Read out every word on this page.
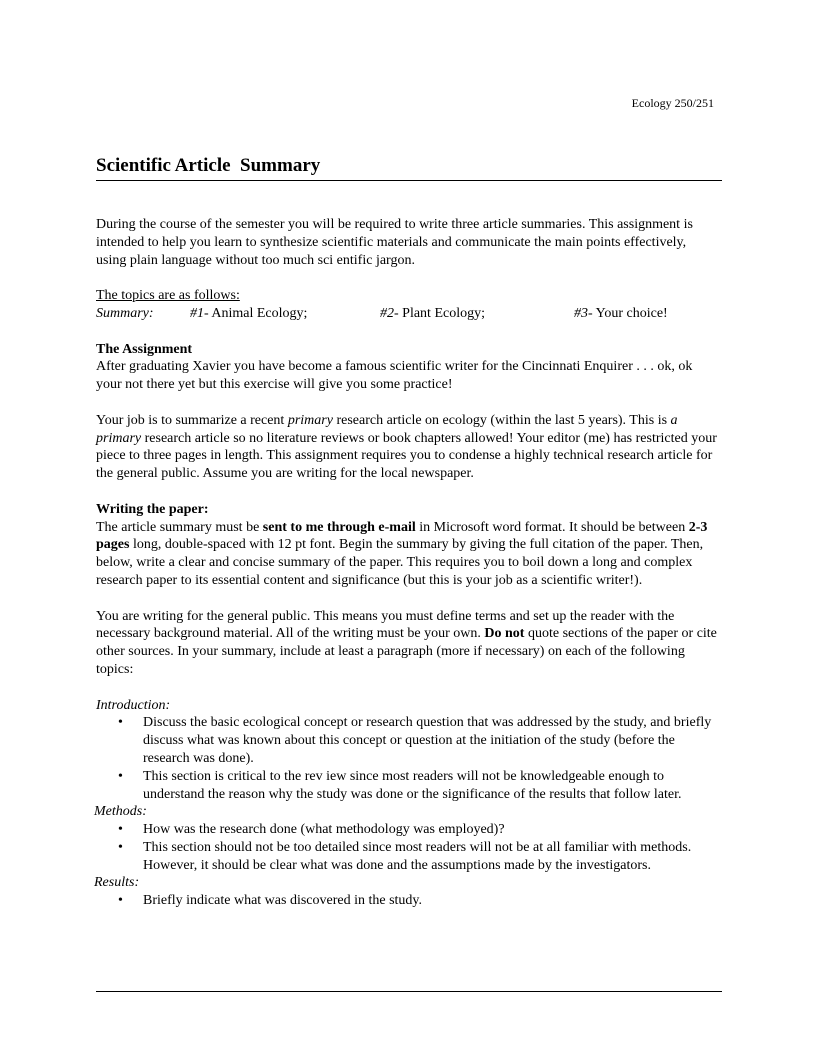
Ecology 250/251
Scientific Article  Summary

During the course of the semester you will be required to write three article summaries. This assignment is intended to help you learn to synthesize scientific materials and communicate the main points effectively, using plain language without too much sci entific jargon.

The topics are as follows:

Summary:	#1- Animal Ecology;	#2- Plant Ecology;	#3- Your choice!

The Assignment

After graduating Xavier you have become a famous scientific writer for the Cincinnati Enquirer . . . ok, ok your not there yet but this exercise will give you some practice!

Your job is to summarize a recent primary research article on ecology (within the last 5 years). This is a primary research article so no literature reviews or book chapters allowed! Your editor (me) has restricted your piece to three pages in length. This assignment requires you to condense a highly technical research article for the general public. Assume you are writing for the local newspaper.

Writing the paper:

The article summary must be sent to me through e-mail in Microsoft word format. It should be between 2-3 pages long, double-spaced with 12 pt font. Begin the summary by giving the full citation of the paper. Then, below, write a clear and concise summary of the paper. This requires you to boil down a long and complex research paper to its essential content and significance (but this is your job as a scientific writer!).

You are writing for the general public. This means you must define terms and set up the reader with the necessary background material. All of the writing must be your own. Do not quote sections of the paper or cite other sources. In your summary, include at least a paragraph (more if necessary) on each of the following topics:

Introduction:

• Discuss the basic ecological concept or research question that was addressed by the study, and briefly discuss what was known about this concept or question at the initiation of the study (before the research was done).
• This section is critical to the rev iew since most readers will not be knowledgeable enough to understand the reason why the study was done or the significance of the results that follow later.

Methods:

• How was the research done (what methodology was employed)?
• This section should not be too detailed since most readers will not be at all familiar with methods. However, it should be clear what was done and the assumptions made by the investigators.

Results:

• Briefly indicate what was discovered in the study.
